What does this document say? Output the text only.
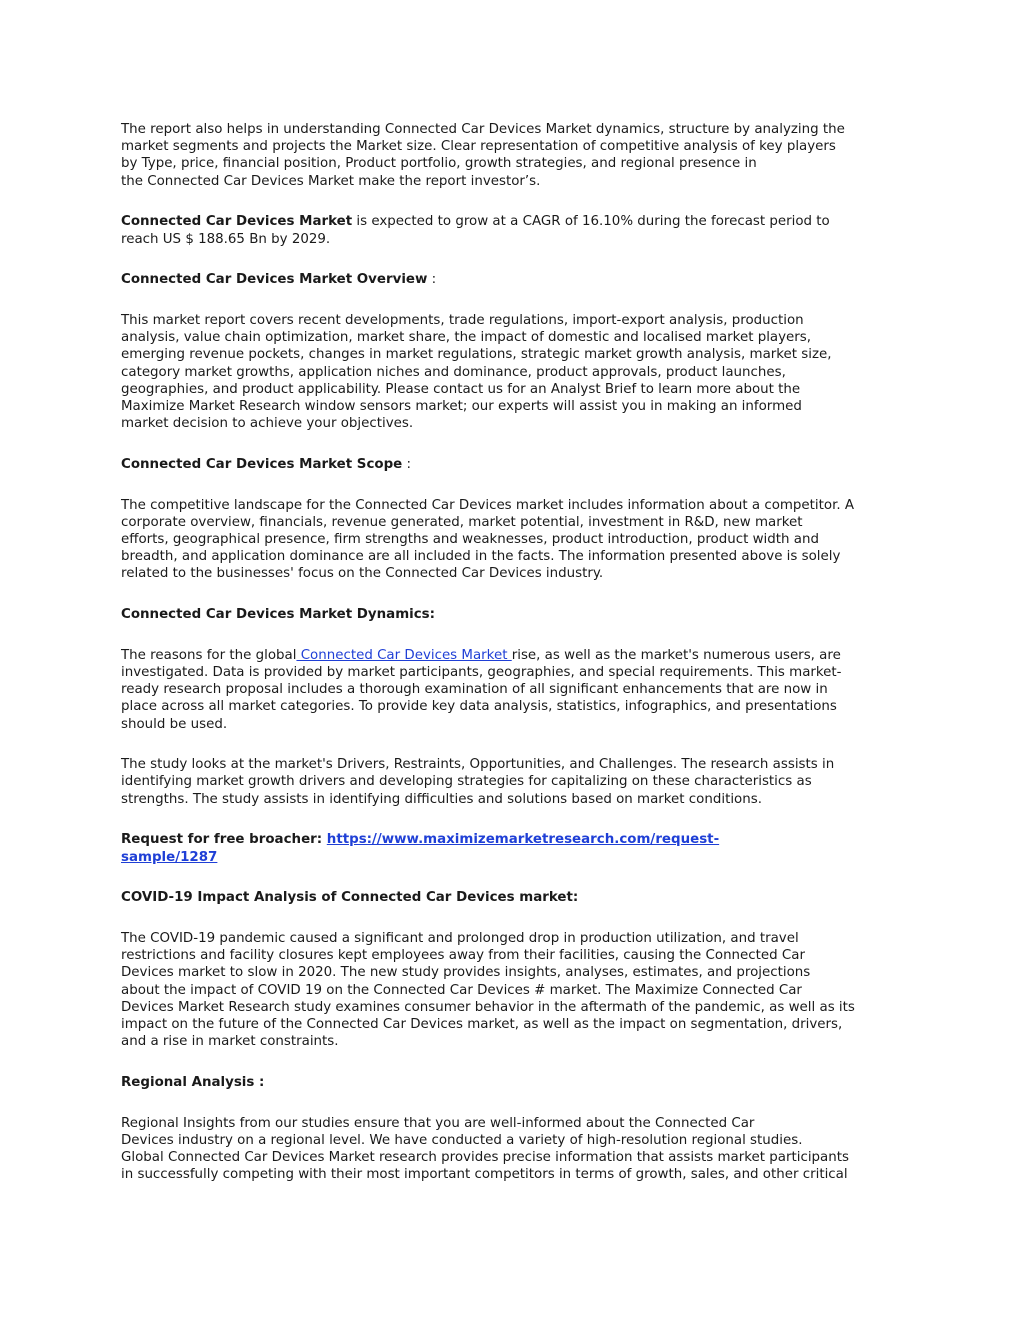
The report also helps in understanding Connected Car Devices Market dynamics, structure by analyzing the
market segments and projects the Market size. Clear representation of competitive analysis of key players
by Type, price, financial position, Product portfolio, growth strategies, and regional presence in
the Connected Car Devices Market make the report investor’s.

Connected Car Devices Market is expected to grow at a CAGR of 16.10% during the forecast period to
reach US $ 188.65 Bn by 2029.

Connected Car Devices Market Overview :

This market report covers recent developments, trade regulations, import-export analysis, production
analysis, value chain optimization, market share, the impact of domestic and localised market players,
emerging revenue pockets, changes in market regulations, strategic market growth analysis, market size,
category market growths, application niches and dominance, product approvals, product launches,
geographies, and product applicability. Please contact us for an Analyst Brief to learn more about the
Maximize Market Research window sensors market; our experts will assist you in making an informed
market decision to achieve your objectives.

Connected Car Devices Market Scope :

The competitive landscape for the Connected Car Devices market includes information about a competitor. A
corporate overview, financials, revenue generated, market potential, investment in R&D, new market
efforts, geographical presence, firm strengths and weaknesses, product introduction, product width and
breadth, and application dominance are all included in the facts. The information presented above is solely
related to the businesses' focus on the Connected Car Devices industry.

Connected Car Devices Market Dynamics:

The reasons for the global Connected Car Devices Market rise, as well as the market's numerous users, are
investigated. Data is provided by market participants, geographies, and special requirements. This market-
ready research proposal includes a thorough examination of all significant enhancements that are now in
place across all market categories. To provide key data analysis, statistics, infographics, and presentations
should be used.

The study looks at the market's Drivers, Restraints, Opportunities, and Challenges. The research assists in
identifying market growth drivers and developing strategies for capitalizing on these characteristics as
strengths. The study assists in identifying difficulties and solutions based on market conditions.

Request for free broacher: https://www.maximizemarketresearch.com/request-
sample/1287

COVID-19 Impact Analysis of Connected Car Devices market:

The COVID-19 pandemic caused a significant and prolonged drop in production utilization, and travel
restrictions and facility closures kept employees away from their facilities, causing the Connected Car
Devices market to slow in 2020. The new study provides insights, analyses, estimates, and projections
about the impact of COVID 19 on the Connected Car Devices # market. The Maximize Connected Car
Devices Market Research study examines consumer behavior in the aftermath of the pandemic, as well as its
impact on the future of the Connected Car Devices market, as well as the impact on segmentation, drivers,
and a rise in market constraints.

Regional Analysis :

Regional Insights from our studies ensure that you are well-informed about the Connected Car
Devices industry on a regional level. We have conducted a variety of high-resolution regional studies.
Global Connected Car Devices Market research provides precise information that assists market participants
in successfully competing with their most important competitors in terms of growth, sales, and other critical
